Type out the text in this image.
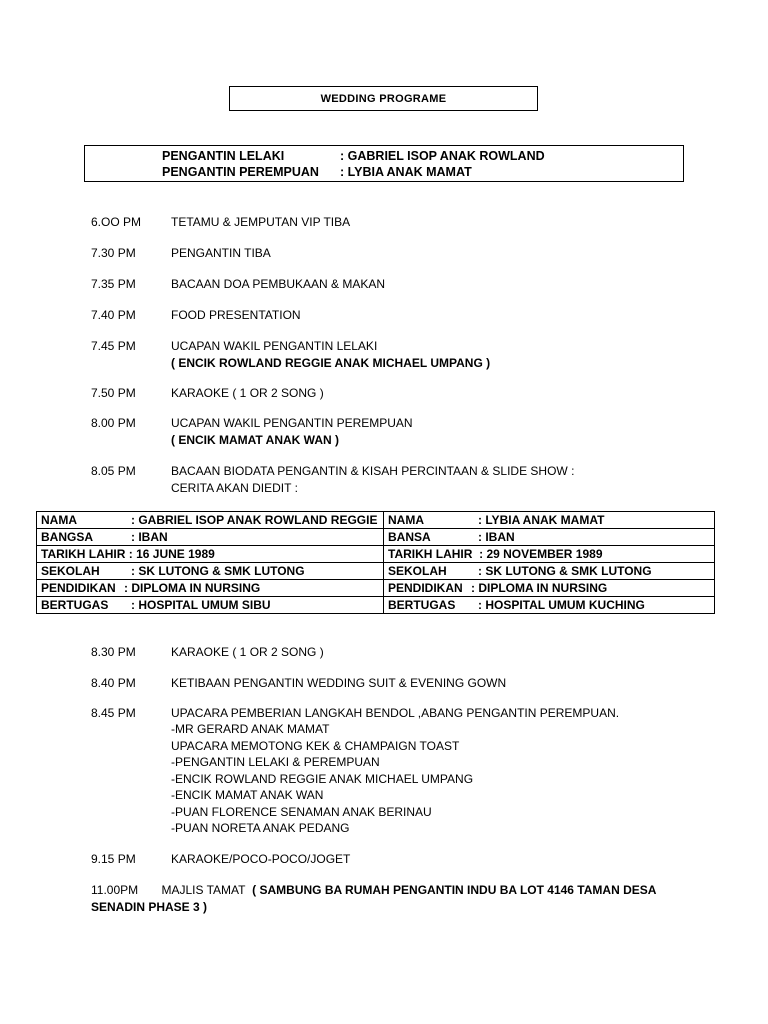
WEDDING PROGRAME
PENGANTIN LELAKI	: GABRIEL ISOP ANAK ROWLAND
PENGANTIN PEREMPUAN : LYBIA ANAK MAMAT
6.OO PM	TETAMU & JEMPUTAN VIP TIBA
7.30 PM	PENGANTIN TIBA
7.35 PM	BACAAN DOA PEMBUKAAN & MAKAN
7.40 PM	FOOD PRESENTATION
7.45 PM	UCAPAN WAKIL PENGANTIN LELAKI
( ENCIK ROWLAND REGGIE ANAK MICHAEL UMPANG )
7.50 PM	KARAOKE ( 1 OR 2 SONG )
8.00 PM	UCAPAN WAKIL PENGANTIN PEREMPUAN
( ENCIK MAMAT ANAK WAN )
8.05 PM	BACAAN BIODATA PENGANTIN & KISAH PERCINTAAN & SLIDE SHOW :
CERITA AKAN DIEDIT :
NAMA : GABRIEL ISOP ANAK ROWLAND REGGIE	NAMA : LYBIA ANAK MAMAT
BANGSA : IBAN	BANSA : IBAN
TARIKH LAHIR : 16 JUNE 1989	TARIKH LAHIR : 29 NOVEMBER 1989
SEKOLAH : SK LUTONG & SMK LUTONG	SEKOLAH : SK LUTONG & SMK LUTONG
PENDIDIKAN : DIPLOMA IN NURSING	PENDIDIKAN : DIPLOMA IN NURSING
BERTUGAS : HOSPITAL UMUM SIBU	BERTUGAS : HOSPITAL UMUM KUCHING
8.30 PM	KARAOKE ( 1 OR 2 SONG )
8.40 PM	KETIBAAN PENGANTIN WEDDING SUIT & EVENING GOWN
8.45 PM	UPACARA PEMBERIAN LANGKAH BENDOL ,ABANG PENGANTIN PEREMPUAN.
-MR GERARD ANAK MAMAT
UPACARA MEMOTONG KEK & CHAMPAIGN TOAST
-PENGANTIN LELAKI & PEREMPUAN
-ENCIK ROWLAND REGGIE ANAK MICHAEL UMPANG
-ENCIK MAMAT ANAK WAN
-PUAN FLORENCE SENAMAN ANAK BERINAU
-PUAN NORETA ANAK PEDANG
9.15 PM	KARAOKE/POCO-POCO/JOGET
11.00PM MAJLIS TAMAT ( SAMBUNG BA RUMAH PENGANTIN INDU BA LOT 4146 TAMAN DESA SENADIN PHASE 3 )
